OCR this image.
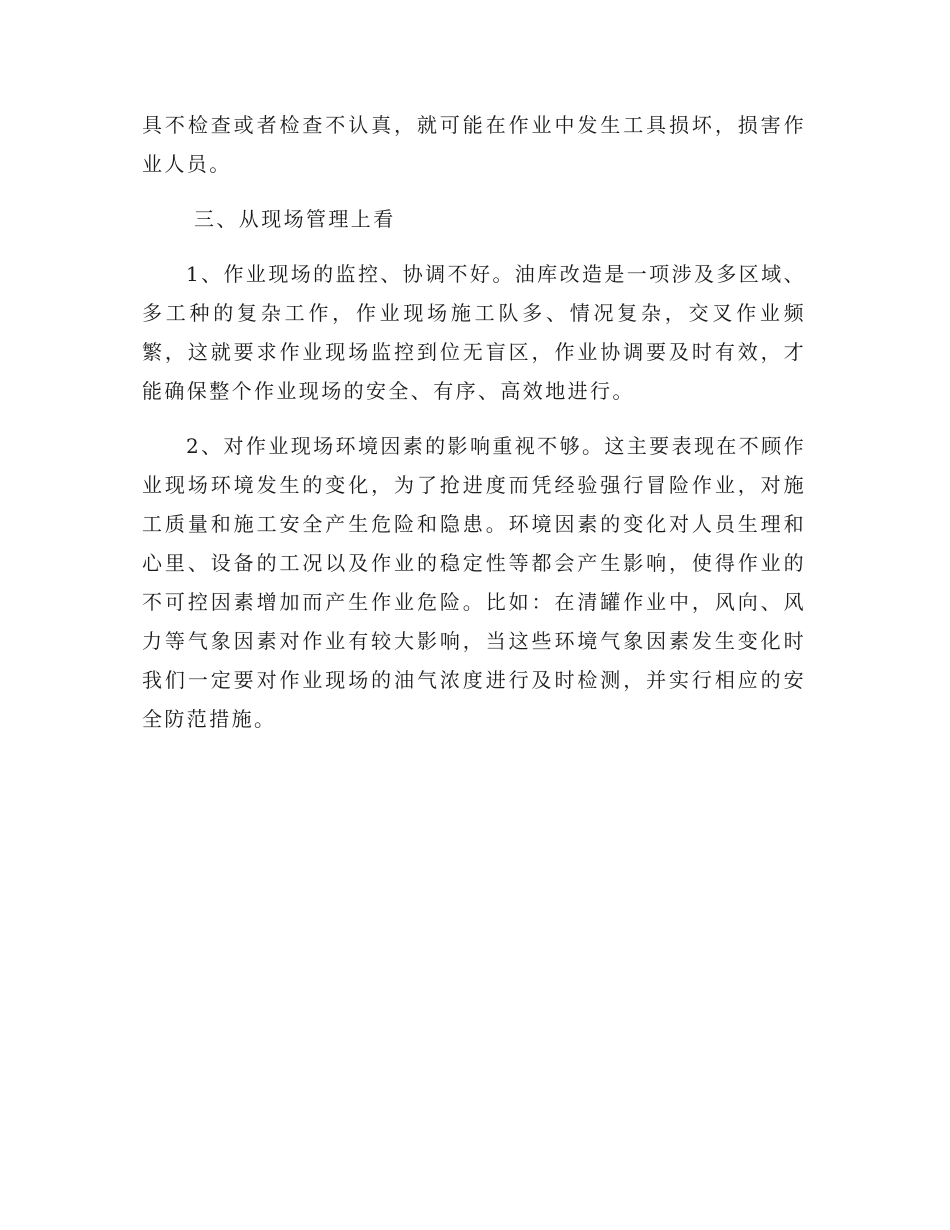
具不检查或者检查不认真，就可能在作业中发生工具损坏，损害作业人员。

三、从现场管理上看

1、作业现场的监控、协调不好。油库改造是一项涉及多区域、多工种的复杂工作，作业现场施工队多、情况复杂，交叉作业频繁，这就要求作业现场监控到位无盲区，作业协调要及时有效，才能确保整个作业现场的安全、有序、高效地进行。

2、对作业现场环境因素的影响重视不够。这主要表现在不顾作业现场环境发生的变化，为了抢进度而凭经验强行冒险作业，对施工质量和施工安全产生危险和隐患。环境因素的变化对人员生理和心里、设备的工况以及作业的稳定性等都会产生影响，使得作业的不可控因素增加而产生作业危险。比如：在清罐作业中，风向、风力等气象因素对作业有较大影响，当这些环境气象因素发生变化时我们一定要对作业现场的油气浓度进行及时检测，并实行相应的安全防范措施。
